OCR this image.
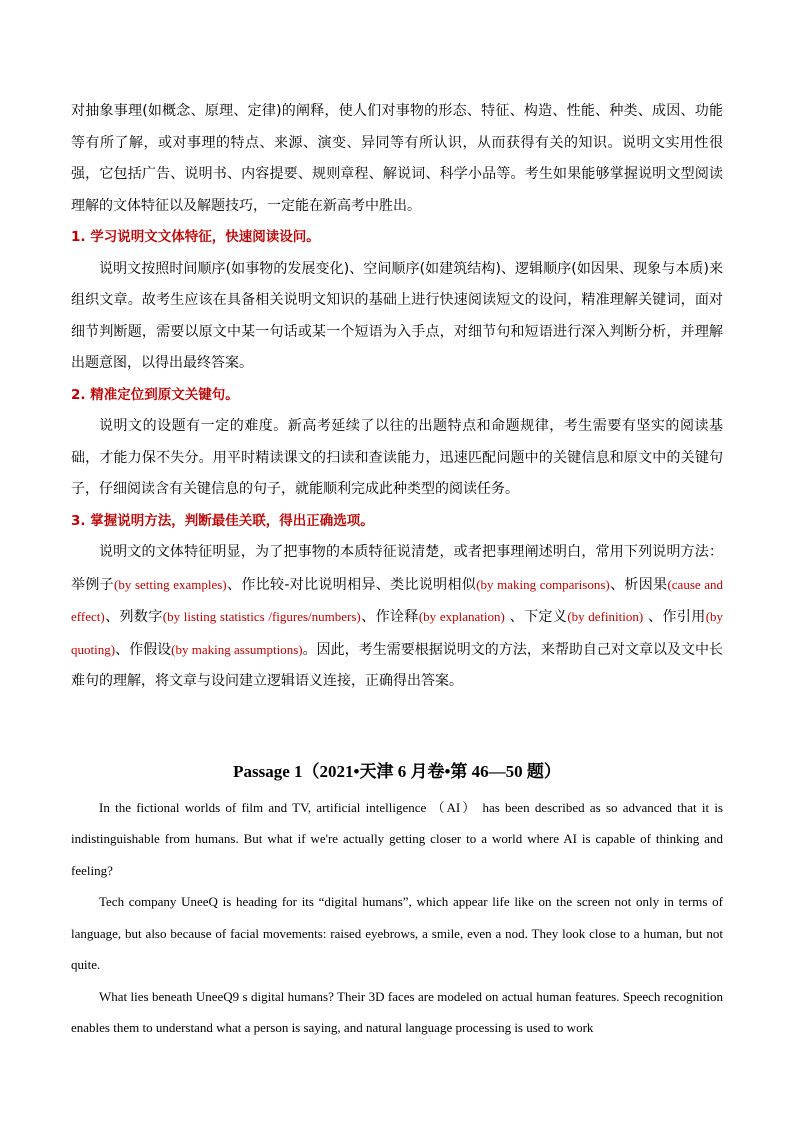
对抽象事理(如概念、原理、定律)的阐释，使人们对事物的形态、特征、构造、性能、种类、成因、功能等有所了解，或对事理的特点、来源、演变、异同等有所认识，从而获得有关的知识。说明文实用性很强，它包括广告、说明书、内容提要、规则章程、解说词、科学小品等。考生如果能够掌握说明文型阅读理解的文体特征以及解题技巧，一定能在新高考中胜出。

1. 学习说明文文体特征，快速阅读设问。

说明文按照时间顺序(如事物的发展变化)、空间顺序(如建筑结构)、逻辑顺序(如因果、现象与本质)来组织文章。故考生应该在具备相关说明文知识的基础上进行快速阅读短文的设问，精准理解关键词，面对细节判断题，需要以原文中某一句话或某一个短语为入手点，对细节句和短语进行深入判断分析，并理解出题意图，以得出最终答案。

2. 精准定位到原文关键句。

说明文的设题有一定的难度。新高考延续了以往的出题特点和命题规律，考生需要有坚实的阅读基础，才能力保不失分。用平时精读课文的扫读和查读能力，迅速匹配问题中的关键信息和原文中的关键句子，仔细阅读含有关键信息的句子，就能顺利完成此种类型的阅读任务。

3. 掌握说明方法，判断最佳关联，得出正确选项。

说明文的文体特征明显，为了把事物的本质特征说清楚，或者把事理阐述明白，常用下列说明方法：举例子(by setting examples)、作比较-对比说明相异、类比说明相似(by making comparisons)、析因果(cause and effect)、列数字(by listing statistics /figures/numbers)、作诠释(by explanation) 、下定义(by definition) 、作引用(by quoting)、作假设(by making assumptions)。因此，考生需要根据说明文的方法，来帮助自己对文章以及文中长难句的理解，将文章与设问建立逻辑语义连接，正确得出答案。

Passage 1（2021•天津 6 月卷•第 46—50 题）

In the fictional worlds of film and TV, artificial intelligence （AI） has been described as so advanced that it is indistinguishable from humans. But what if we're actually getting closer to a world where AI is capable of thinking and feeling?

Tech company UneeQ is heading for its “digital humans”, which appear life like on the screen not only in terms of language, but also because of facial movements: raised eyebrows, a smile, even a nod. They look close to a human, but not quite.

What lies beneath UneeQ9 s digital humans? Their 3D faces are modeled on actual human features. Speech recognition enables them to understand what a person is saying, and natural language processing is used to work
